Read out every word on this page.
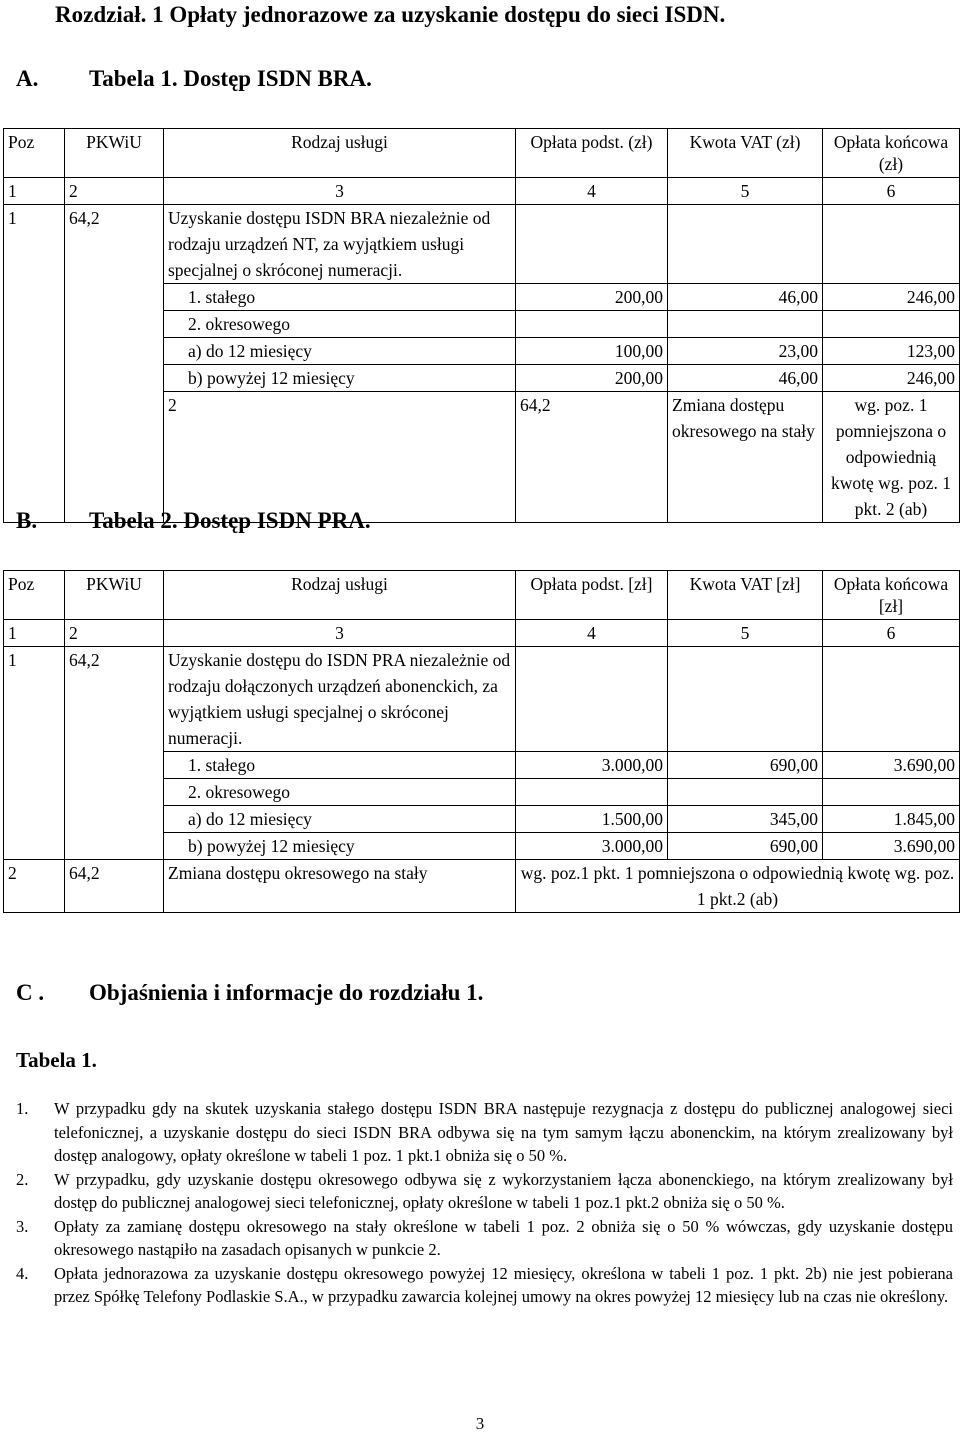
Rozdział. 1 Opłaty jednorazowe za uzyskanie dostępu do sieci ISDN.
A. Tabela 1. Dostęp ISDN BRA.
Poz	PKWiU	Rodzaj usługi	Opłata podst. (zł)	Kwota VAT (zł)	Opłata końcowa (zł)
1	2	3	4	5	6
1	64,2	Uzyskanie dostępu ISDN BRA niezależnie od rodzaju urządzeń NT, za wyjątkiem usługi specjalnej o skróconej numeracji.			

		1. stałego	200,00	46,00	246,00

		2. okresowego			

		a) do 12 miesięcy	100,00	23,00	123,00

		b) powyżej 12 miesięcy	200,00	46,00	246,00
		2	64,2	Zmiana dostępu okresowego na stały	wg. poz. 1 pomniejszona o odpowiednią kwotę wg. poz. 1 pkt. 2 (ab)
B. Tabela 2. Dostęp ISDN PRA.
Poz	PKWiU	Rodzaj usługi	Opłata podst. [zł]	Kwota VAT [zł]	Opłata końcowa [zł]
1	2	3	4	5	6
1	64,2	Uzyskanie dostępu do ISDN PRA niezależnie od rodzaju dołączonych urządzeń abonenckich, za wyjątkiem usługi specjalnej o skróconej numeracji.			

		1. stałego	3.000,00	690,00	3.690,00

		2. okresowego			

		a) do 12 miesięcy	1.500,00	345,00	1.845,00

		b) powyżej 12 miesięcy	3.000,00	690,00	3.690,00
2	64,2	Zmiana dostępu okresowego na stały	wg. poz.1 pkt. 1 pomniejszona o odpowiednią kwotę wg. poz. 1 pkt.2 (ab)		
C . Objaśnienia i informacje do rozdziału 1.
Tabela 1.
1. W przypadku gdy na skutek uzyskania stałego dostępu ISDN BRA następuje rezygnacja z dostępu do publicznej analogowej sieci telefonicznej, a uzyskanie dostępu do sieci ISDN BRA odbywa się na tym samym łączu abonenckim, na którym zrealizowany był dostęp analogowy, opłaty określone w tabeli 1 poz. 1 pkt.1 obniża się o 50 %.
2. W przypadku, gdy uzyskanie dostępu okresowego odbywa się z wykorzystaniem łącza abonenckiego, na którym zrealizowany był dostęp do publicznej analogowej sieci telefonicznej, opłaty określone w tabeli 1 poz.1 pkt.2 obniża się o 50 %.
3. Opłaty za zamianę dostępu okresowego na stały określone w tabeli 1 poz. 2 obniża się o 50 % wówczas, gdy uzyskanie dostępu okresowego nastąpiło na zasadach opisanych w punkcie 2.
4. Opłata jednorazowa za uzyskanie dostępu okresowego powyżej 12 miesięcy, określona w tabeli 1 poz. 1 pkt. 2b) nie jest pobierana przez Spółkę Telefony Podlaskie S.A., w przypadku zawarcia kolejnej umowy na okres powyżej 12 miesięcy lub na czas nie określony.
3
